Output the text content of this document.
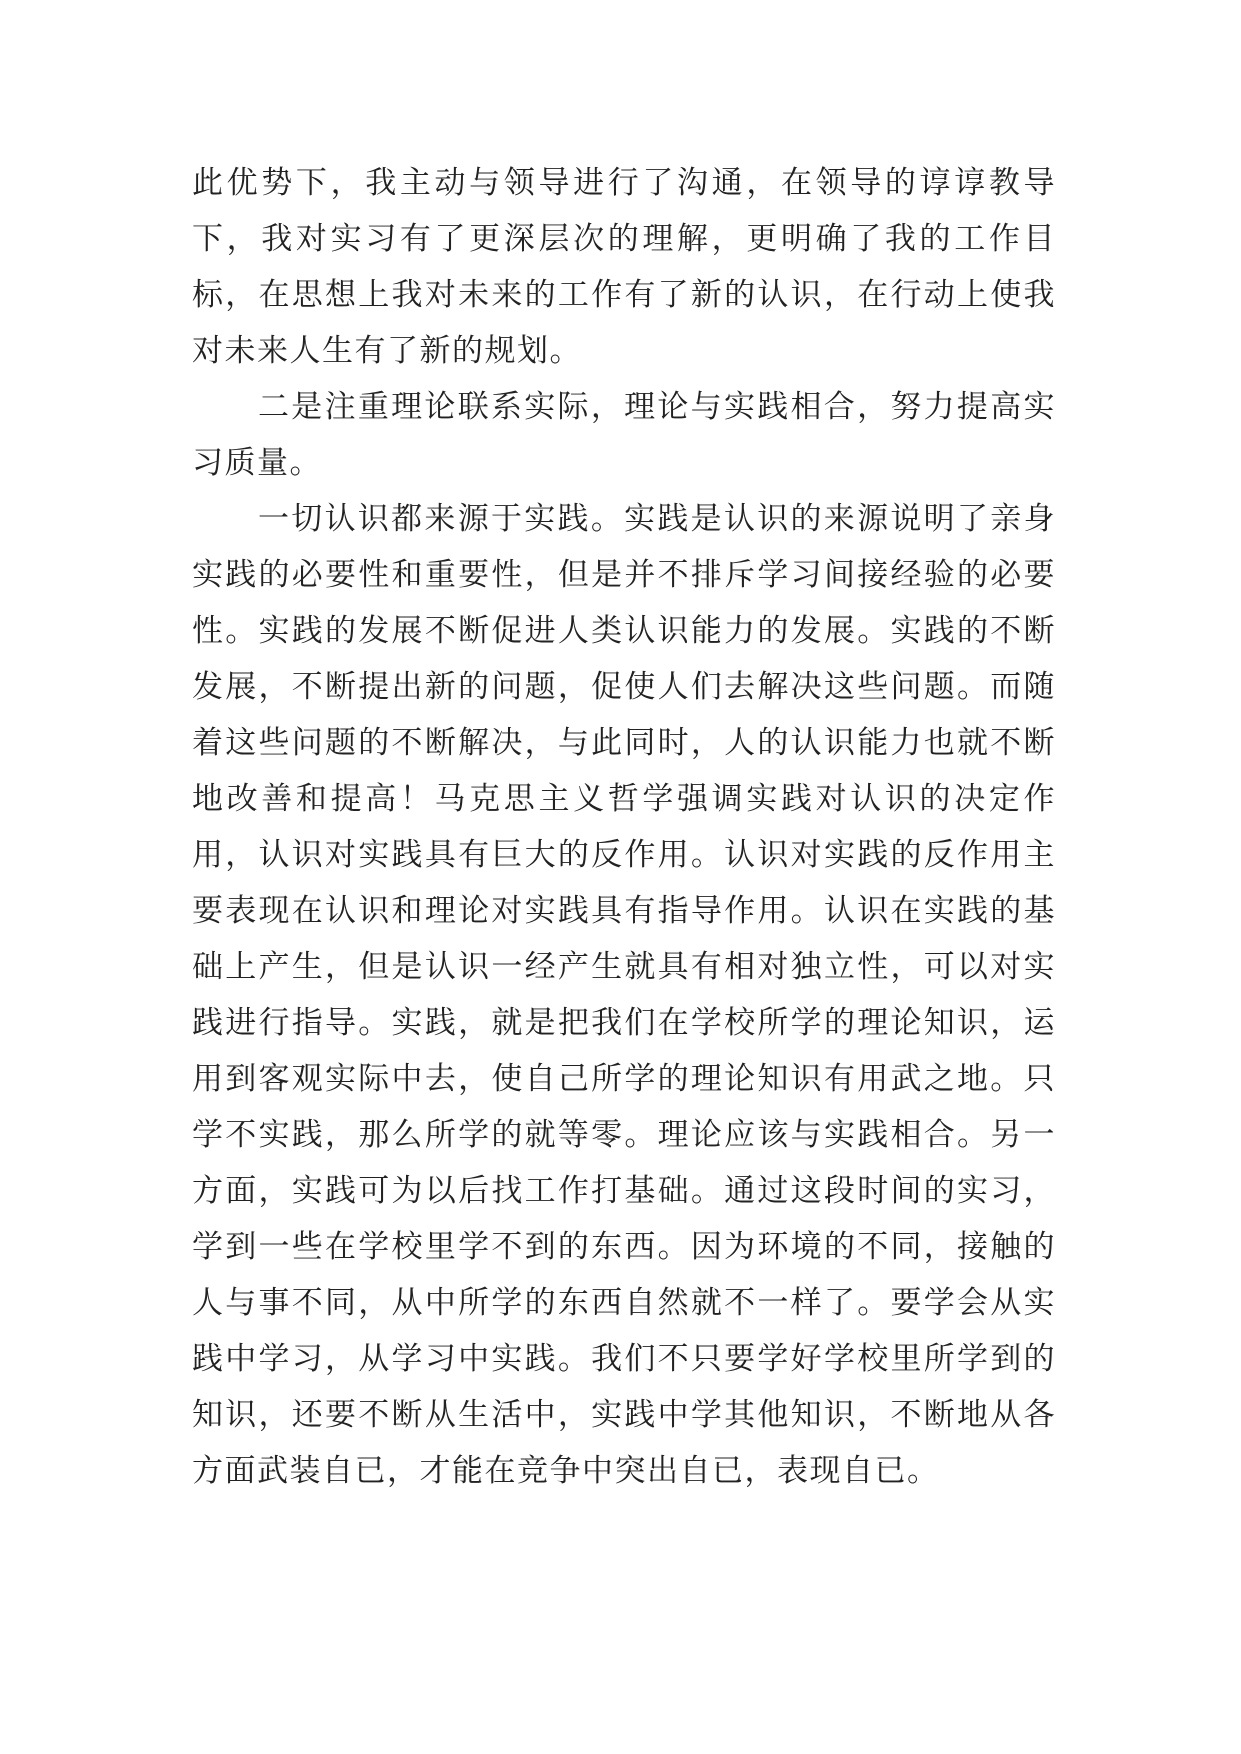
此优势下，我主动与领导进行了沟通，在领导的谆谆教导下，我对实习有了更深层次的理解，更明确了我的工作目标，在思想上我对未来的工作有了新的认识，在行动上使我对未来人生有了新的规划。

二是注重理论联系实际，理论与实践相合，努力提高实习质量。

一切认识都来源于实践。实践是认识的来源说明了亲身实践的必要性和重要性，但是并不排斥学习间接经验的必要性。实践的发展不断促进人类认识能力的发展。实践的不断发展，不断提出新的问题，促使人们去解决这些问题。而随着这些问题的不断解决，与此同时，人的认识能力也就不断地改善和提高！马克思主义哲学强调实践对认识的决定作用，认识对实践具有巨大的反作用。认识对实践的反作用主要表现在认识和理论对实践具有指导作用。认识在实践的基础上产生，但是认识一经产生就具有相对独立性，可以对实践进行指导。实践，就是把我们在学校所学的理论知识，运用到客观实际中去，使自己所学的理论知识有用武之地。只学不实践，那么所学的就等零。理论应该与实践相合。另一方面，实践可为以后找工作打基础。通过这段时间的实习，学到一些在学校里学不到的东西。因为环境的不同，接触的人与事不同，从中所学的东西自然就不一样了。要学会从实践中学习，从学习中实践。我们不只要学好学校里所学到的知识，还要不断从生活中，实践中学其他知识，不断地从各方面武装自已，才能在竞争中突出自已，表现自已。
